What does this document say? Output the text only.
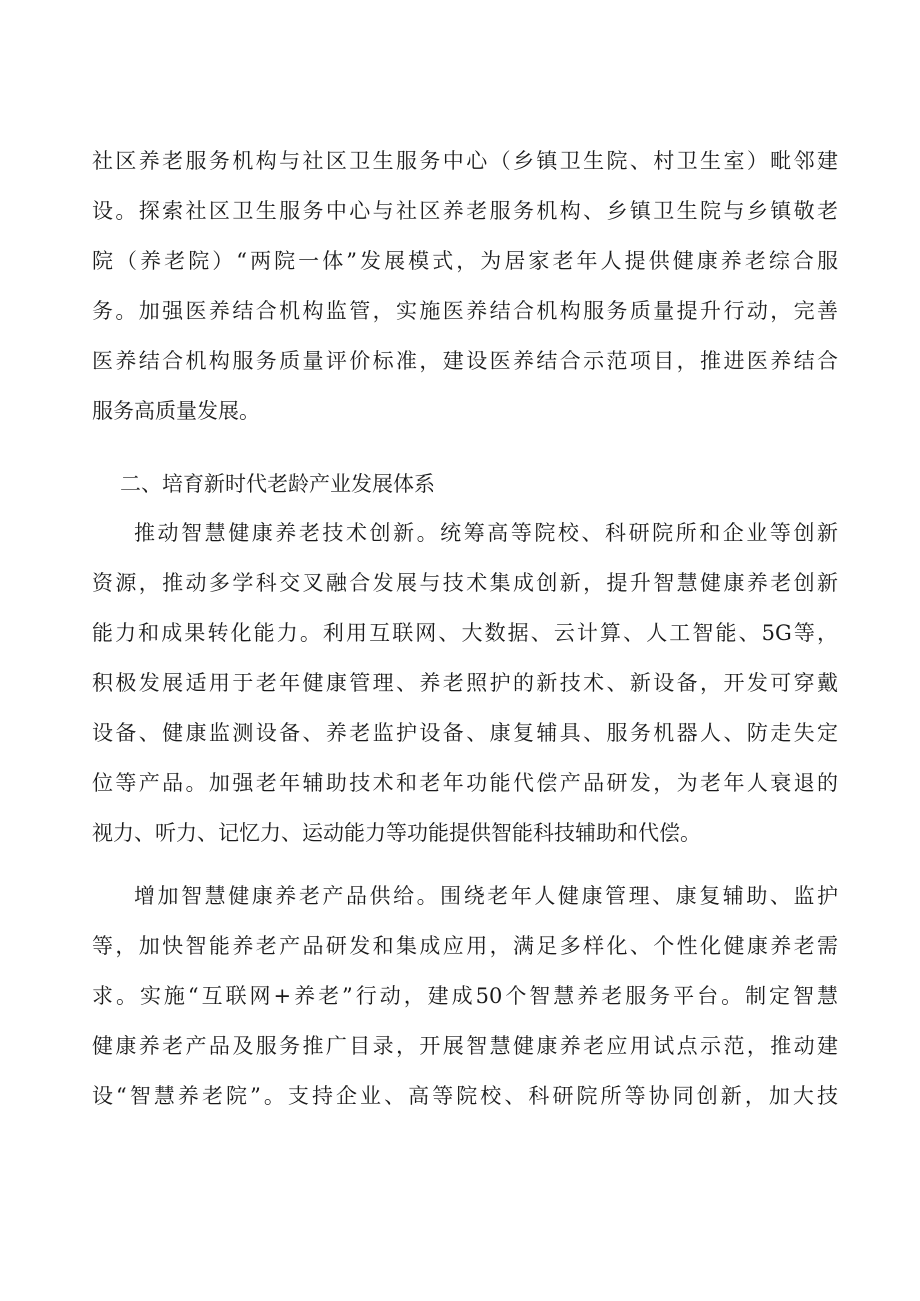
社区养老服务机构与社区卫生服务中心（乡镇卫生院、村卫生室）毗邻建
设。探索社区卫生服务中心与社区养老服务机构、乡镇卫生院与乡镇敬老
院（养老院）“两院一体”发展模式，为居家老年人提供健康养老综合服
务。加强医养结合机构监管，实施医养结合机构服务质量提升行动，完善
医养结合机构服务质量评价标准，建设医养结合示范项目，推进医养结合
服务高质量发展。
二、培育新时代老龄产业发展体系
推动智慧健康养老技术创新。统筹高等院校、科研院所和企业等创新
资源，推动多学科交叉融合发展与技术集成创新，提升智慧健康养老创新
能力和成果转化能力。利用互联网、大数据、云计算、人工智能、5G等，
积极发展适用于老年健康管理、养老照护的新技术、新设备，开发可穿戴
设备、健康监测设备、养老监护设备、康复辅具、服务机器人、防走失定
位等产品。加强老年辅助技术和老年功能代偿产品研发，为老年人衰退的
视力、听力、记忆力、运动能力等功能提供智能科技辅助和代偿。
增加智慧健康养老产品供给。围绕老年人健康管理、康复辅助、监护
等，加快智能养老产品研发和集成应用，满足多样化、个性化健康养老需
求。实施“互联网+养老”行动，建成50个智慧养老服务平台。制定智慧
健康养老产品及服务推广目录，开展智慧健康养老应用试点示范，推动建
设“智慧养老院”。支持企业、高等院校、科研院所等协同创新，加大技
